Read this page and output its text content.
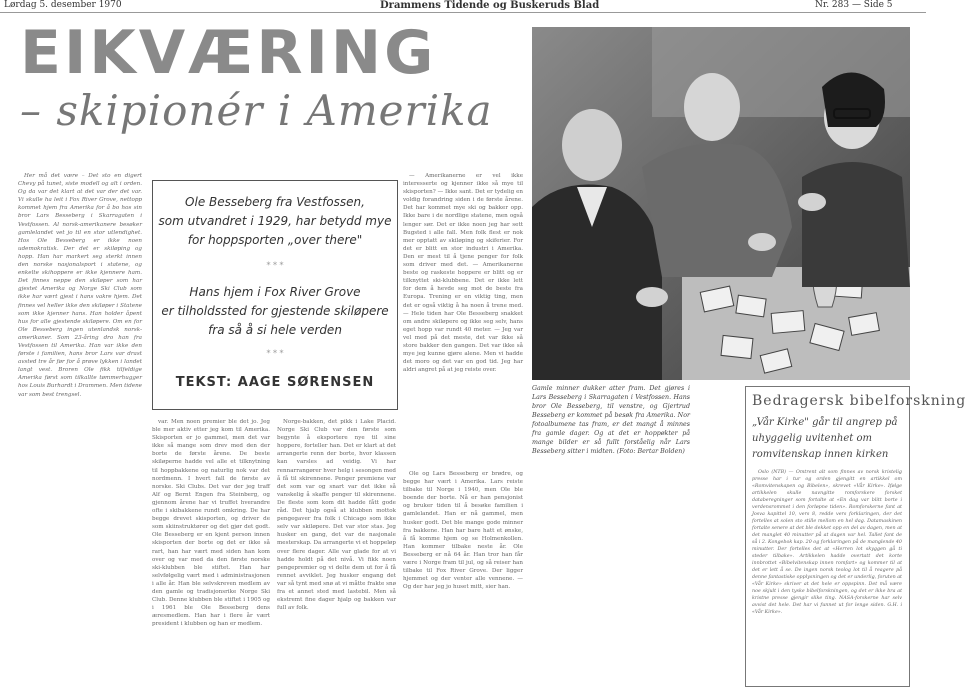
Lørdag 5. desember 1970	Drammens Tidende og Buskeruds Blad	Nr. 283 — Side 5
EIKVÆRING
– skipionér i Amerika

Her må det være – Det sto en digert Chevy på tunet, siste modell og alt i orden. Og da var det klart at det var der det var. Vi skulle ha leit i Fox River Grove, nettopp kommet hjem fra Amerika for å bo hos sin bror Lars Besseberg i Skarragaten i Vestfossen. Al norsk-amerikanere besøker gamlelandet vet jo til en stor utlendighet. Hos Ole Besseberg er ikke noen udemokratisk. Der det er skiløping og hopp. Han har markert seg sterkt innen den norske nasjonalsport i statene, og enkelte skihoppere er ikke kjennere ham. Det finnes neppe den skiløper som har gjestet Amerika og Norge Ski Club som ikke har vært gjest i hans vakre hjem. Det finnes vel heller ikke den skiløper i Statene som ikke kjenner hans. Han holder åpent hus for alle gjestende skiløpere. Om en for Ole Besseberg ingen utenlandsk norsk-amerikaner. Som 23-åring dro han fra Vestfossen til Amerika. Han var ikke den første i familien, hans bror Lars var drast avsted tre år før for å prøve lykken i landet langt vest. Broren Ole fikk tilfeldige Amerika først som tilkallte tømmerhugger hos Louis Burhardt i Drammen. Men tidene var som best trengsel.

Ole Besseberg fra Vestfossen,
som utvandret i 1929, har betydd mye
for hoppsporten „over there"
* * *
Hans hjem i Fox River Grove
er tilholdssted for gjestende skiløpere
fra så å si hele verden
* * *
TEKST: AAGE SØRENSEN

var. Men noen premier ble det jo. Jeg ble mer aktiv etter jeg kom til Amerika. Skisporten er jo gammel, men det var ikke så mange som drev med den der borte de første årene. De beste skiløperne hadde vel alle et tilknytning til hoppbakkene og naturlig nok var det nordmenn. I hvert fall de første av norske. Ski Clubs. Det var der jeg traff Alf og Bernt Engen fra Steinberg, og gjennom årene har vi truffet hverandre ofte i skibakkene rundt omkring. De har begge drevet skisporten, og driver de som skiinstruktører og det gjør det godt. Ole Besseberg er en kjent person innen skisporten der borte og det er ikke så rart, han har vært med siden han kom over og var med da den første norske ski-klubben ble stiftet. Han har selvfølgelig vært med i administrasjonen i alle år. Han ble selvskreven medlem av den gamle og tradisjonsrike Norge Ski Club. Denne klubben ble stiftet i 1905 og i 1961 ble Ole Besseberg dens æresmedlem. Han har i flere år vært president i klubben og han er medlem.

Norge-bakken, det pikk i Lake Placid. Norge Ski Club var den første som begynte å eksportere nye til sine hoppere, forteller han. Det er klart at det arrangerte renn der borte, hvor klassen kan varsles ad veidig. Vi har rennarrangører hver helg i sesongen med å få til skirennene. Penger premiene var det som var og snart var det ikke så vanskelig å skaffe penger til skirennene. De fleste som kom dit hadde fått gode råd. Det hjalp også at klubben mottok pengegaver fra folk i Chicago som ikke selv var skiløpere. Det var stor stas. Jeg husker en gang, det var de nasjonale mesterskap. Da arrangerte vi et hoppeløp over flere dager. Alle var glade for at vi hadde holdt på det nivå. Vi fikk noen pengepremier og vi delte dem ut for å få rennet avviklet. Jeg husker engang det var så tynt med snø at vi måtte frakte snø fra et annet sted med lastebil. Men så ekstremt fine dager hjalp og bakken var full av folk.

— Amerikanerne er vel ikke interesserte og kjenner ikke så mye til skisporten? — Ikke sant. Det er tydelig en voldig forandring siden i de første årene. Det har kommet mye ski og bakker opp. Ikke bare i de nordlige statene, men også lenger sør. Det er ikke noen jeg har sett Bugsted i alle fall. Men folk flest er nok mer opptatt av skiløping og skiferier. For det er blitt en stor industri i Amerika. Den er mest til å tjene penger for folk som driver med det. — Amerikanerne beste og raskeste hoppere er blitt og er tilknyttet ski-klubbene. Det er ikke lett for dem å hevde seg mot de beste fra Europa. Trening er en viktig ting, men det er også viktig å ha noen å trene med. — Hele tiden har Ole Besseberg snakket om andre skiløpere og ikke seg selv, hans eget hopp var rundt 40 meter. — Jeg var vel med på det meste, det var ikke så store bakker den gangen. Det var ikke så mye jeg kunne gjøre alene. Men vi hadde det moro og det var en god tid. Jeg har aldri angret på at jeg reiste over.

Ole og Lars Besseberg er brødre, og begge har vært i Amerika. Lars reiste tilbake til Norge i 1940, men Ole ble boende der borte. Nå er han pensjonist og bruker tiden til å besøke familien i gamlelandet. Han er nå gammel, men husker godt. Det ble mange gode minner fra bakkene. Han har bare hatt et ønske, å få komme hjem og se Holmenkollen. Han kommer tilbake neste år. Ole Besseberg er nå 64 år. Han tror han får være i Norge fram til jul, og så reiser han tilbake til Fox River Grove. Der ligger hjemmet og der venter alle vennene. — Og der har jeg jo huset mitt, sier han.

Gamle minner dukker atter fram. Det gjøres i Lars Besseberg i Skarragaten i Vestfossen. Hans bror Ole Besseberg, til venstre, og Gjertrud Besseberg er kommet på besøk fra Amerika. Nor fotoalbumene tas fram, er det mangt å minnes fra gamle dager. Og at det er hoppøkter på mange bilder er så fullt forståelig når Lars Besseberg sitter i midten. (Foto: Bertar Bolden)

Bedragersk bibelforskning
„Vår Kirke" går til angrep på uhyggelig uvitenhet om romvitenskap innen kirken

Oslo (NTB) — Omtrent alt som finnes av norsk kristelig presse har i tur og orden gjengitt en artikkel om «Romvitenskapen og Bibelen», skrevet «Vår Kirke». Ifølge artikkelen skulle navngitte romforskere forsket databeregninger som fortalte at «En dag var blitt borte i verdensrommet i den forløpne tiden». Romforskerne fant at Josva kapittel 10, vers 8, redde vers forklaringen, der det fortelles at solen sto stille mellom en hel dag. Datamaskinen fortalte senere at det ble dekket opp en del av dagen, men at det manglet 40 minutter på at dagen var hel. Tallet fant de så i 2. Kongebok kap. 20 og forklaringen på de manglende 40 minutter. Der fortelles det at «Herren lot skyggen gå ti steder tilbake». Artikkelen hadde overtatt det korte innbrottet «Bibelvitenskap innen romfart» og kommer til at det er lett å se. De ingen norsk teolog lot til å reagere på denne fantastiske opplysningen og det er underlig, foruten at «Vår Kirke» skriver at det hele er oppspinn. Det må være noe skjult i den tyske bibelforskningen, og det er ikke bra at kristne presse gjengir slike ting. NASA-forskerne har selv avvist det hele. Det har vi funnet ut for lenge siden. G.H. i «Vår Kirke».
